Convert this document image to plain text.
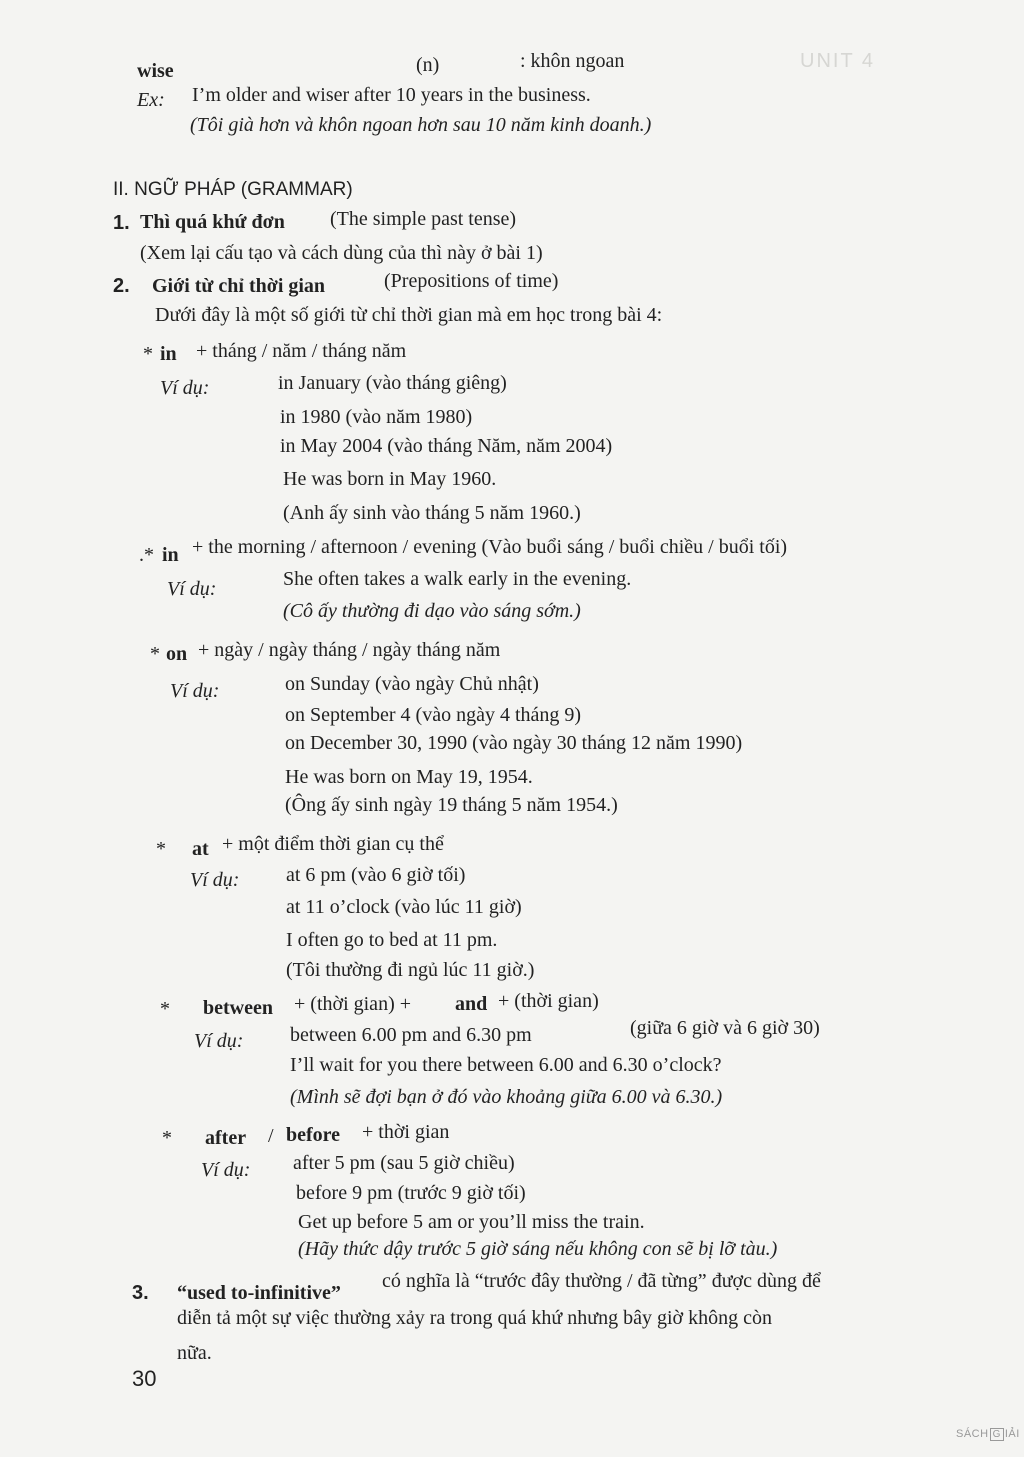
UNIT 4
wise	(n)	: khôn ngoan
Ex: I’m older and wiser after 10 years in the business.
(Tôi già hơn và khôn ngoan hơn sau 10 năm kinh doanh.)
II. NGỮ PHÁP (GRAMMAR)
1. Thì quá khứ đơn (The simple past tense)
(Xem lại cấu tạo và cách dùng của thì này ở bài 1)
2. Giới từ chỉ thời gian	(Prepositions of time)
Dưới đây là một số giới từ chỉ thời gian mà em học trong bài 4:
* in + tháng / năm / tháng năm
Ví dụ:	in January (vào tháng giêng)
in 1980 (vào năm 1980)
in May 2004 (vào tháng Năm, năm 2004)
He was born in May 1960.
(Anh ấy sinh vào tháng 5 năm 1960.)
.* in + the morning / afternoon / evening (Vào buổi sáng / buổi chiều / buổi tối)
Ví dụ:	She often takes a walk early in the evening.
(Cô ấy thường đi dạo vào sáng sớm.)
* on + ngày / ngày tháng / ngày tháng năm
Ví dụ:	on Sunday (vào ngày Chủ nhật)
on September 4 (vào ngày 4 tháng 9)
on December 30, 1990 (vào ngày 30 tháng 12 năm 1990)
He was born on May 19, 1954.
(Ông ấy sinh ngày 19 tháng 5 năm 1954.)
* at + một điểm thời gian cụ thể
Ví dụ: at 6 pm (vào 6 giờ tối)
at 11 o’clock (vào lúc 11 giờ)
I often go to bed at 11 pm.
(Tôi thường đi ngủ lúc 11 giờ.)
* between + (thời gian) + and + (thời gian)
Ví dụ: between 6.00 pm and 6.30 pm	(giữa 6 giờ và 6 giờ 30)
I’ll wait for you there between 6.00 and 6.30 o’clock?
(Mình sẽ đợi bạn ở đó vào khoảng giữa 6.00 và 6.30.)
* after / before + thời gian
Ví dụ: after 5 pm (sau 5 giờ chiều)
before 9 pm (trước 9 giờ tối)
Get up before 5 am or you’ll miss the train.
(Hãy thức dậy trước 5 giờ sáng nếu không con sẽ bị lỡ tàu.)
3. “used to-infinitive”
có nghĩa là “trước đây thường / đã từng” được dùng để
diễn tả một sự việc thường xảy ra trong quá khứ nhưng bây giờ không còn
nữa.
30
SÁCH G IẢI
